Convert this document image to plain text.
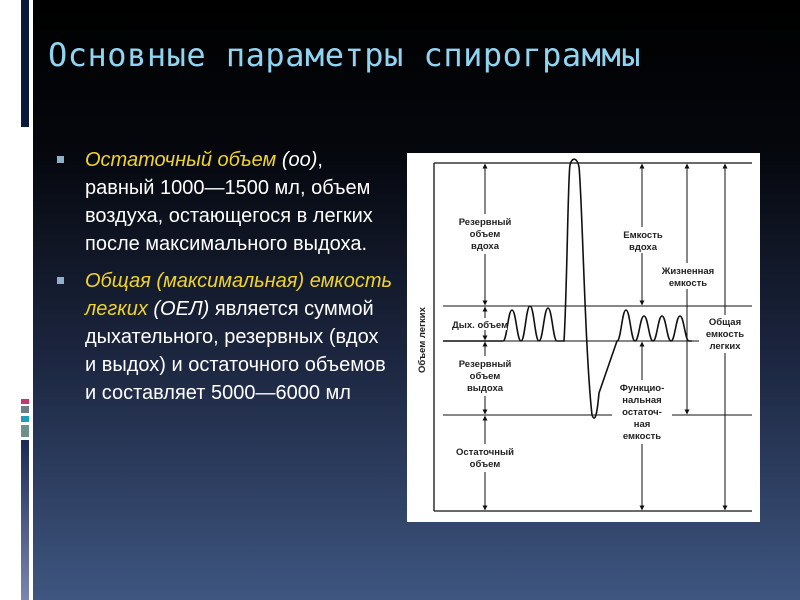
Основные параметры спирограммы
Остаточный объем (оо), равный 1000—1500 мл, объем воздуха, остающегося в легких после максимального выдоха.
Общая (максимальная) емкость легких (ОЕЛ) является суммой дыхательного, резервных (вдох и выдох) и остаточного объемов и составляет 5000—6000 мл
Объем легких
Резервный
объем
вдоха
Дых. объем
Резервный
объем
выдоха
Остаточный
объем
Емкость
вдоха
Жизненная
емкость
Общая
емкость
легких
Функцио-
нальная
остаточ-
ная
емкость
